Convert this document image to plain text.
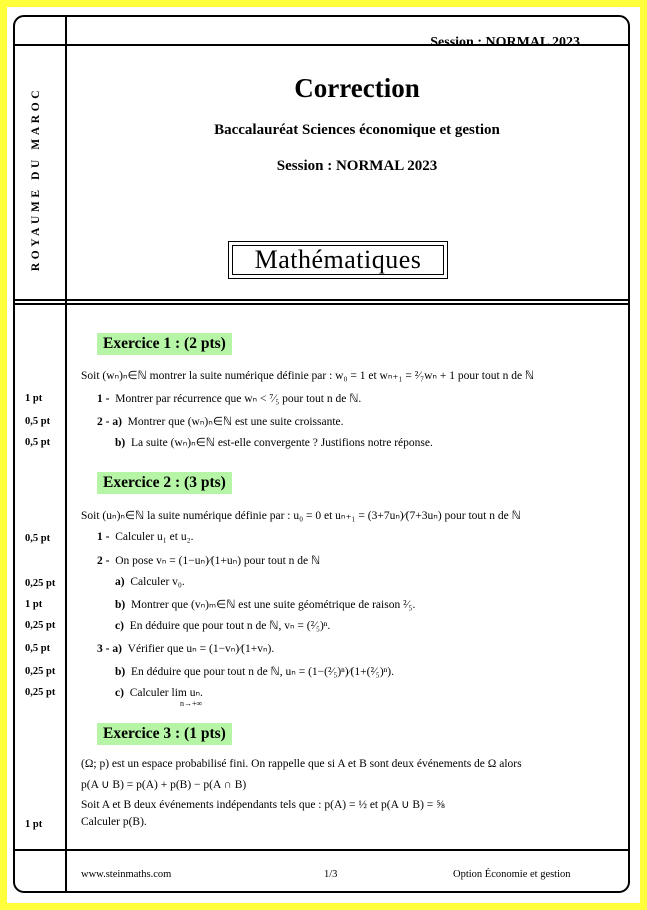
Session : NORMAL 2023
ROYAUME DU MAROC	Correction
Baccalauréat Sciences économique et gestion
Session : NORMAL 2023
Mathématiques
Exercice 1 : (2 pts)
Soit (wₙ)ₙ∈ℕ montrer la suite numérique définie par : w₀ = 1 et wₙ₊₁ = ²⁄₇wₙ + 1 pour tout n de ℕ
1 pt	1 - Montrer par récurrence que wₙ < ⁷⁄₅ pour tout n de ℕ.
0,5 pt	2 - a) Montrer que (wₙ)ₙ∈ℕ est une suite croissante.
0,5 pt	b) La suite (wₙ)ₙ∈ℕ est-elle convergente ? Justifions notre réponse.
Exercice 2 : (3 pts)
Soit (uₙ)ₙ∈ℕ la suite numérique définie par : u₀ = 0 et uₙ₊₁ = (3+7uₙ)⁄(7+3uₙ) pour tout n de ℕ
0,5 pt	1 - Calculer u₁ et u₂.
2 - On pose vₙ = (1−uₙ)⁄(1+uₙ) pour tout n de ℕ
0,25 pt	a) Calculer v₀.
1 pt	b) Montrer que (vₙ)ₘ∈ℕ est une suite géométrique de raison ²⁄₅.
0,25 pt	c) En déduire que pour tout n de ℕ, vₙ = (²⁄₅)ⁿ.
0,5 pt	3 - a) Vérifier que uₙ = (1−vₙ)⁄(1+vₙ).
0,25 pt	b) En déduire que pour tout n de ℕ, uₙ = (1−(²⁄₅)ⁿ)⁄(1+(²⁄₅)ⁿ).
0,25 pt	c) Calculer lim uₙ.
n→+∞
Exercice 3 : (1 pts)
(Ω; p) est un espace probabilisé fini. On rappelle que si A et B sont deux événements de Ω alors
p(A ∪ B) = p(A) + p(B) − p(A ∩ B)
Soit A et B deux événements indépendants tels que : p(A) = ½ et p(A ∪ B) = ⅝
1 pt	Calculer p(B).
www.steinmaths.com	1/3	Option Économie et gestion
